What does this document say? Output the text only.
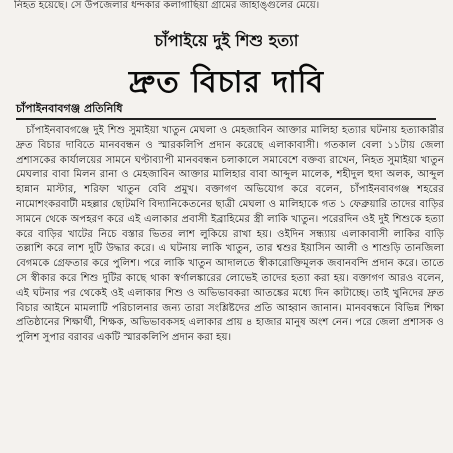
নিহত হয়েছে। সে উপজেলার ধন্দকার কলাগাছিয়া গ্রামের জাহাঙ্গুলের মেয়ে।
চাঁপাইয়ে দুই শিশু হত্যা
দ্রুত বিচার দাবি
চাঁপাইনবাবগঞ্জ প্রতিনিধি

চাঁপাইনবাবগঞ্জে দুই শিশু সুমাইয়া খাতুন মেঘলা ও মেহজাবিন আক্তার মালিহা হত্যার ঘটনায় হত্যাকারীর দ্রুত বিচার দাবিতে মানববন্ধন ও স্মারকলিপি প্রদান করেছে এলাকাবাসী। গতকাল বেলা ১১টায় জেলা প্রশাসকের কার্যালয়ের সামনে ঘণ্টাব্যাপী মানববন্ধন চলাকালে সমাবেশে বক্তব্য রাখেন, নিহত সুমাইয়া খাতুন মেঘলার বাবা মিলন রানা ও মেহজাবিন আক্তার মালিহার বাবা আব্দুল মালেক, শহীদুল হুদা অলক, আব্দুল হান্নান মাস্টার, শরিফা খাতুন বেবি প্রমুখ। বক্তাগণ অভিযোগ করে বলেন, চাঁপাইনবাবগঞ্জ শহরের নামোশংকরবাটী মহল্লার ছোটমণি বিদ্যানিকেতনের ছাত্রী মেঘলা ও মালিহাকে গত ১ ফেব্রুয়ারি তাদের বাড়ির সামনে থেকে অপহরণ করে এই এলাকার প্রবাসী ইব্রাহিমের স্ত্রী লাকি খাতুন। পরেরদিন ওই দুই শিশুকে হত্যা করে বাড়ির খাটের নিচে বস্তার ভিতর লাশ লুকিয়ে রাখা হয়। ওইদিন সন্ধ্যায় এলাকাবাসী লাকির বাড়ি তল্লাশি করে লাশ দুটি উদ্ধার করে। এ ঘটনায় লাকি খাতুন, তার শ্বশুর ইয়াসিন আলী ও শাশুড়ি তানজিলা বেগমকে গ্রেফতার করে পুলিশ। পরে লাকি খাতুন আদালতে স্বীকারোক্তিমূলক জবানবন্দি প্রদান করে। তাতে সে স্বীকার করে শিশু দুটির কাছে থাকা স্বর্ণালঙ্কারের লোভেই তাদের হত্যা করা হয়। বক্তাগণ আরও বলেন, এই ঘটনার পর থেকেই ওই এলাকার শিশু ও অভিভাবকরা আতঙ্কের মধ্যে দিন কাটাচ্ছে। তাই খুনিদের দ্রুত বিচার আইনে মামলাটি পরিচালনার জন্য তারা সংশ্লিষ্টদের প্রতি আহ্বান জানান। মানববন্ধনে বিভিন্ন শিক্ষা প্রতিষ্ঠানের শিক্ষার্থী, শিক্ষক, অভিভাবকসহ এলাকার প্রায় ৪ হাজার মানুষ অংশ নেন। পরে জেলা প্রশাসক ও পুলিশ সুপার বরাবর একটি স্মারকলিপি প্রদান করা হয়।
